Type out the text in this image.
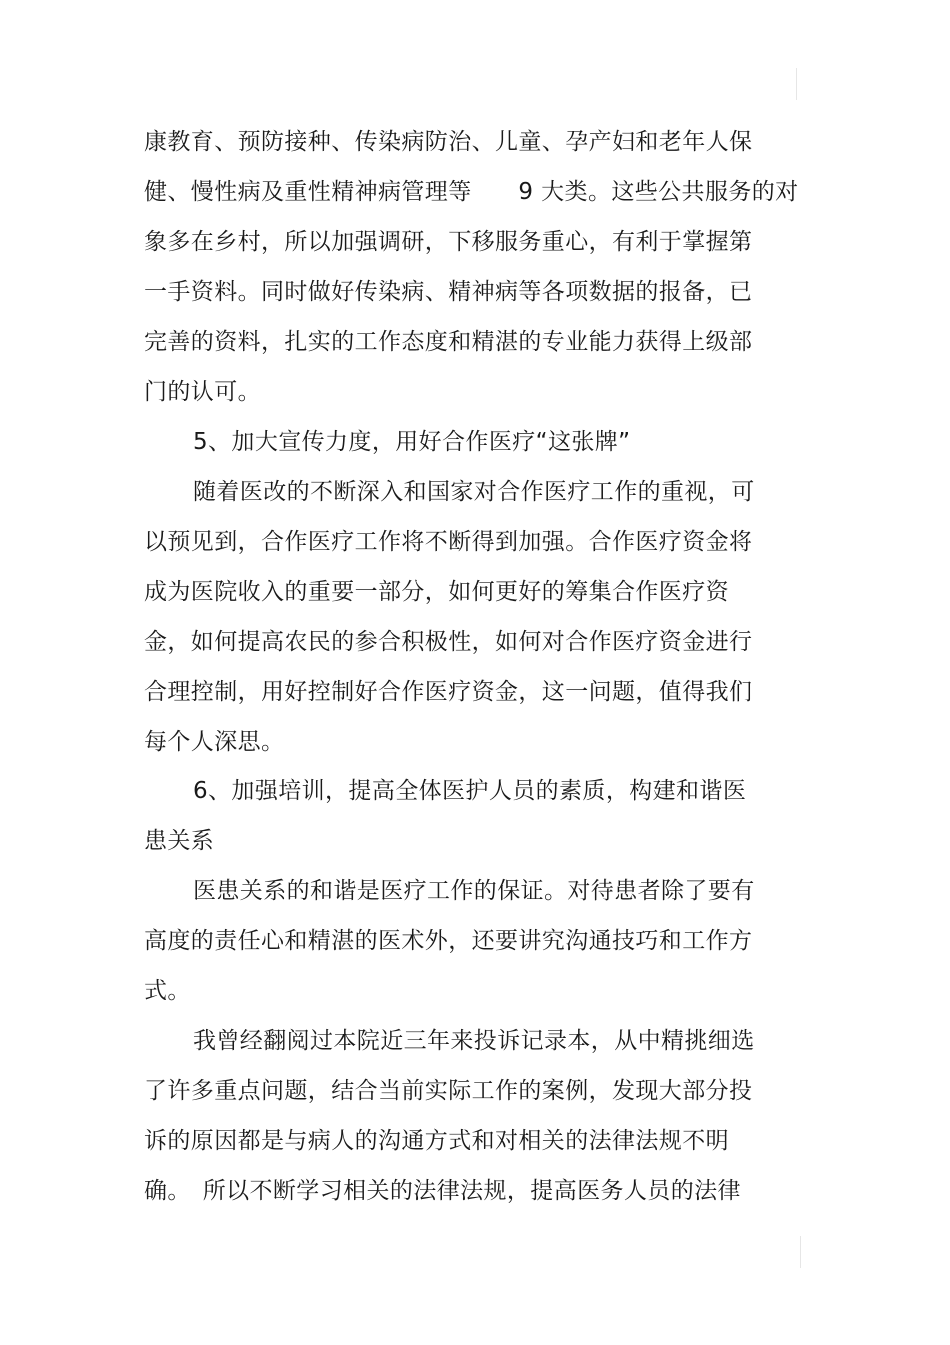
康教育、预防接种、传染病防治、儿童、孕产妇和老年人保
健、慢性病及重性精神病管理等　　9 大类。这些公共服务的对
象多在乡村，所以加强调研，下移服务重心，有利于掌握第
一手资料。同时做好传染病、精神病等各项数据的报备，已
完善的资料，扎实的工作态度和精湛的专业能力获得上级部
门的认可。
5、加大宣传力度，用好合作医疗“这张牌”
随着医改的不断深入和国家对合作医疗工作的重视，可
以预见到，合作医疗工作将不断得到加强。合作医疗资金将
成为医院收入的重要一部分，如何更好的筹集合作医疗资
金，如何提高农民的参合积极性，如何对合作医疗资金进行
合理控制，用好控制好合作医疗资金，这一问题，值得我们
每个人深思。
6、加强培训，提高全体医护人员的素质，构建和谐医
患关系
医患关系的和谐是医疗工作的保证。对待患者除了要有
高度的责任心和精湛的医术外，还要讲究沟通技巧和工作方
式。
我曾经翻阅过本院近三年来投诉记录本，从中精挑细选
了许多重点问题，结合当前实际工作的案例，发现大部分投
诉的原因都是与病人的沟通方式和对相关的法律法规不明
确。　所以不断学习相关的法律法规，提高医务人员的法律
